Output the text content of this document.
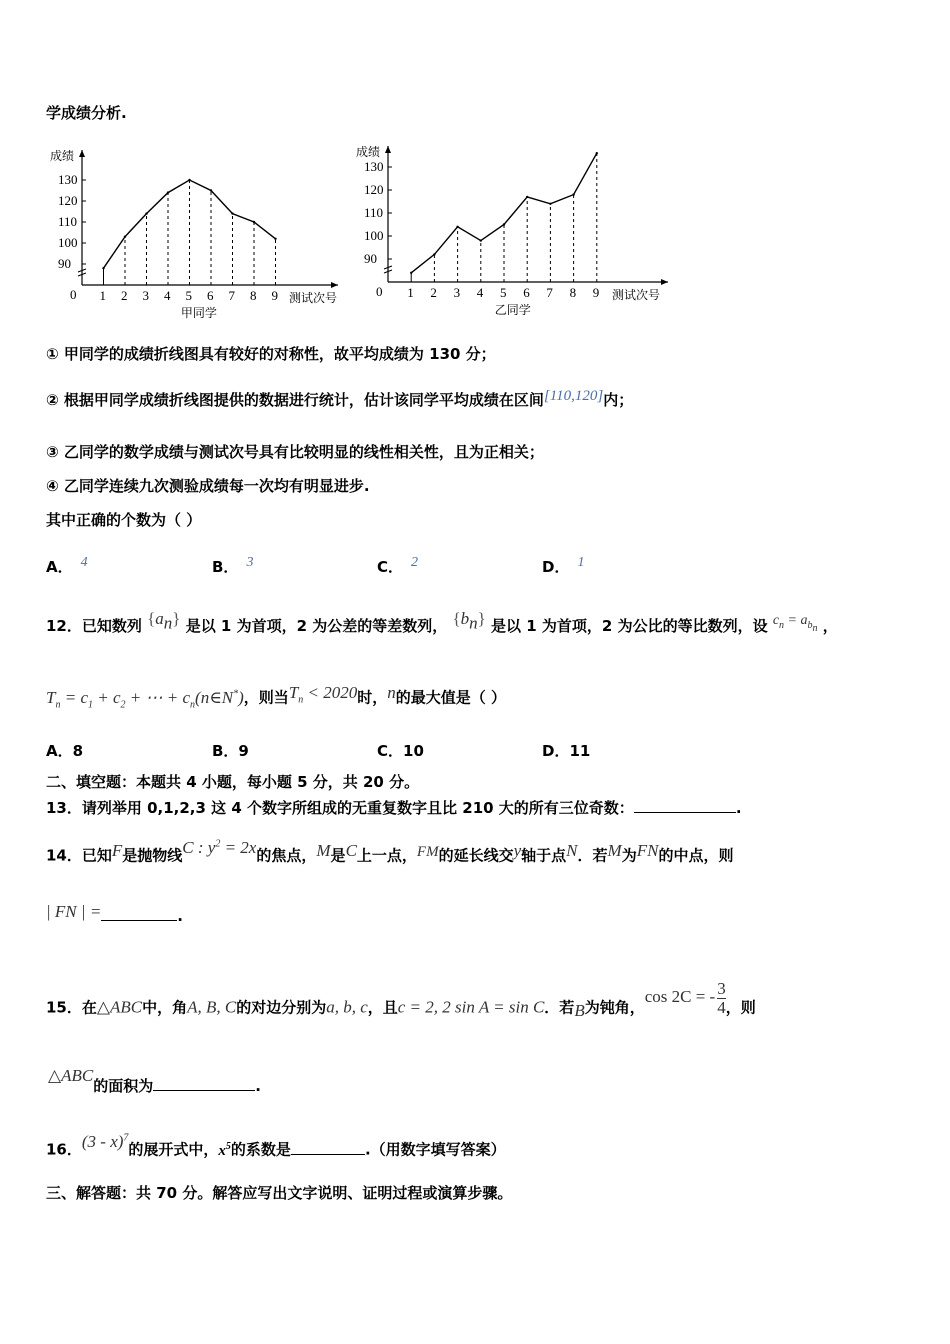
学成绩分析.
成绩
测试次号
0
甲同学
90
100
110
120
130
1 2 3 4 5 6 7 8 9
成绩
测试次号
0
乙同学
90
100
110
120
130
1 2 3 4 5 6 7 8 9
① 甲同学的成绩折线图具有较好的对称性，故平均成绩为 130 分；
② 根据甲同学成绩折线图提供的数据进行统计，估计该同学平均成绩在区间[110,120]内；
③ 乙同学的数学成绩与测试次号具有比较明显的线性相关性，且为正相关；
④ 乙同学连续九次测验成绩每一次均有明显进步.
其中正确的个数为（ ）
A． 4	B． 3	C． 2	D． 1
12．已知数列 $\{a_n\}$ 是以 1 为首项，2 为公差的等差数列， $\{b_n\}$ 是以 1 为首项，2 为公比的等比数列，设 $c_n = a_{b_n}$ ，
$T_n = c_1 + c_2$ + ⋯ + $c_n(n\in N^*)$，则当$T_n < 2020$时，n的最大值是（ ）
A．8	B．9	C．10	D．11
二、填空题：本题共 4 小题，每小题 5 分，共 20 分。
13．请列举用 0,1,2,3 这 4 个数字所组成的无重复数字且比 210 大的所有三位奇数：	.
14．已知F是抛物线C : $y^2 = 2x$的焦点，M是C上一点，FM的延长线交y轴于点N．若M为FN的中点，则
| FN | =	.
15．在△ABC中，角A, B, C的对边分别为a, b, c，且c = 2, 2 sin A = sin C．若B为钝角，cos 2C = - $\frac{3}{4}$ ，则
△ABC的面积为	.
16．(3 - x)$^7$的展开式中，$x^5$的系数是	.（用数字填写答案）
三、解答题：共 70 分。解答应写出文字说明、证明过程或演算步骤。
